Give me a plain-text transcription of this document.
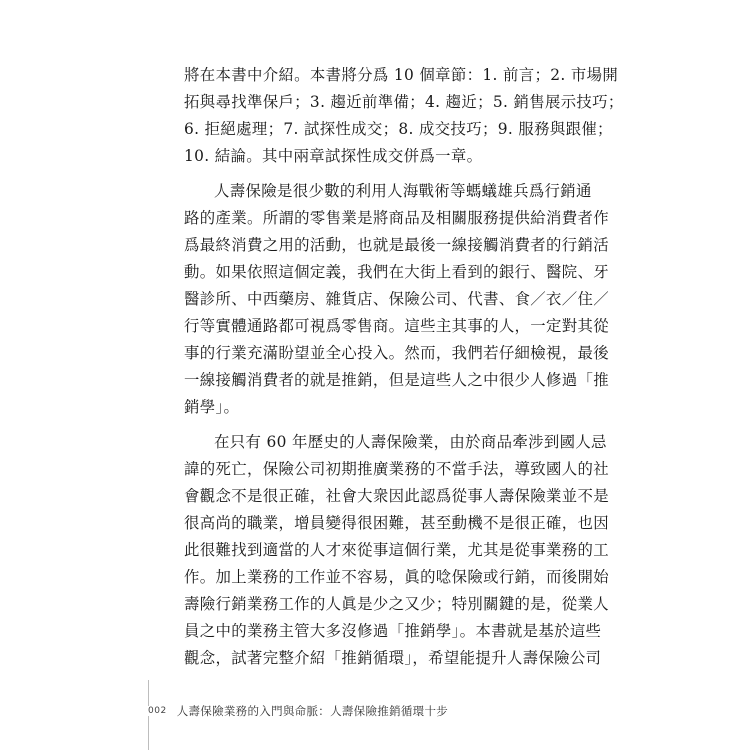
將在本書中介紹。本書將分爲 10 個章節：1. 前言；2. 市場開
拓與尋找準保戶；3. 趨近前準備；4. 趨近；5. 銷售展示技巧；
6. 拒絕處理；7. 試探性成交；8. 成交技巧；9. 服務與跟催；
10. 結論。其中兩章試探性成交併爲一章。
人壽保險是很少數的利用人海戰術等螞蟻雄兵爲行銷通
路的產業。所謂的零售業是將商品及相關服務提供給消費者作
爲最終消費之用的活動，也就是最後一線接觸消費者的行銷活
動。如果依照這個定義，我們在大街上看到的銀行、醫院、牙
醫診所、中西藥房、雜貨店、保險公司、代書、食／衣／住／
行等實體通路都可視爲零售商。這些主其事的人，一定對其從
事的行業充滿盼望並全心投入。然而，我們若仔細檢視，最後
一線接觸消費者的就是推銷，但是這些人之中很少人修過「推
銷學」。
在只有 60 年歷史的人壽保險業，由於商品牽涉到國人忌
諱的死亡，保險公司初期推廣業務的不當手法，導致國人的社
會觀念不是很正確，社會大衆因此認爲從事人壽保險業並不是
很高尚的職業，增員變得很困難，甚至動機不是很正確，也因
此很難找到適當的人才來從事這個行業，尤其是從事業務的工
作。加上業務的工作並不容易，眞的唸保險或行銷，而後開始
壽險行銷業務工作的人眞是少之又少；特別關鍵的是，從業人
員之中的業務主管大多沒修過「推銷學」。本書就是基於這些
觀念，試著完整介紹「推銷循環」，希望能提升人壽保險公司
002 人壽保險業務的入門與命脈：人壽保險推銷循環十步
